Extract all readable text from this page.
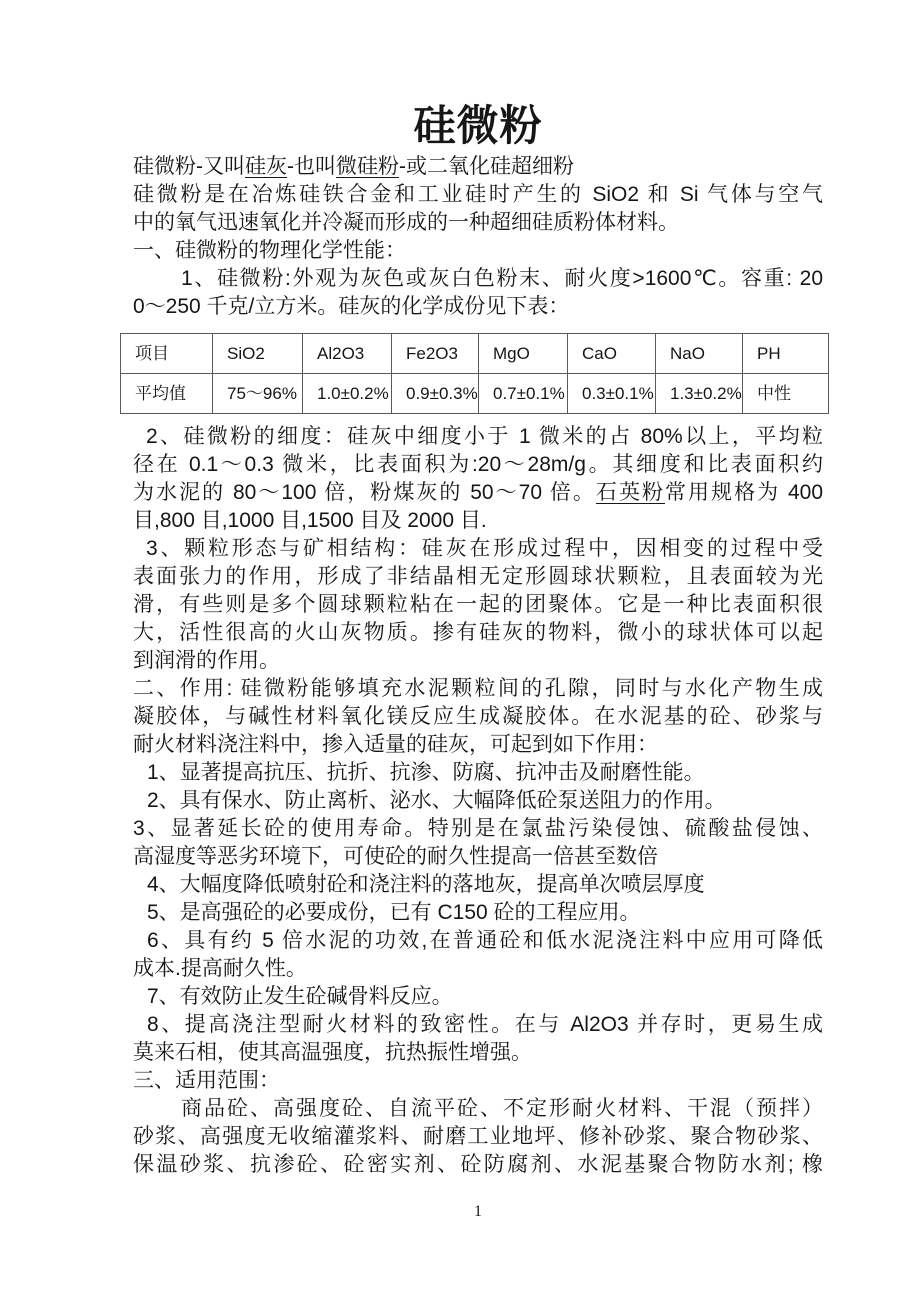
硅微粉
硅微粉-又叫硅灰-也叫微硅粉-或二氧化硅超细粉
硅微粉是在冶炼硅铁合金和工业硅时产生的 SiO2 和 Si 气体与空气
中的氧气迅速氧化并冷凝而形成的一种超细硅质粉体材料。
一、硅微粉的物理化学性能：
1、硅微粉:外观为灰色或灰白色粉末、耐火度>1600℃。容重: 20
0～250 千克/立方米。硅灰的化学成份见下表：
项目	SiO2	Al2O3	Fe2O3	MgO	CaO	NaO	PH
平均值	75～96%	1.0±0.2%	0.9±0.3%	0.7±0.1%	0.3±0.1%	1.3±0.2%	中性
2、硅微粉的细度：硅灰中细度小于 1 微米的占 80%以上，平均粒
径在 0.1～0.3 微米，比表面积为:20～28m/g。其细度和比表面积约
为水泥的 80～100 倍，粉煤灰的 50～70 倍。石英粉常用规格为 400
目,800 目,1000 目,1500 目及 2000 目.
3、颗粒形态与矿相结构：硅灰在形成过程中，因相变的过程中受
表面张力的作用，形成了非结晶相无定形圆球状颗粒，且表面较为光
滑，有些则是多个圆球颗粒粘在一起的团聚体。它是一种比表面积很
大，活性很高的火山灰物质。掺有硅灰的物料，微小的球状体可以起
到润滑的作用。
二、作用: 硅微粉能够填充水泥颗粒间的孔隙，同时与水化产物生成
凝胶体，与碱性材料氧化镁反应生成凝胶体。在水泥基的砼、砂浆与
耐火材料浇注料中，掺入适量的硅灰，可起到如下作用：
1、显著提高抗压、抗折、抗渗、防腐、抗冲击及耐磨性能。
2、具有保水、防止离析、泌水、大幅降低砼泵送阻力的作用。
3、显著延长砼的使用寿命。特别是在氯盐污染侵蚀、硫酸盐侵蚀、
高湿度等恶劣环境下，可使砼的耐久性提高一倍甚至数倍
4、大幅度降低喷射砼和浇注料的落地灰，提高单次喷层厚度
5、是高强砼的必要成份，已有 C150 砼的工程应用。
6、具有约 5 倍水泥的功效,在普通砼和低水泥浇注料中应用可降低
成本.提高耐久性。
7、有效防止发生砼碱骨料反应。
8、提高浇注型耐火材料的致密性。在与 Al2O3 并存时，更易生成
莫来石相，使其高温强度，抗热振性增强。
三、适用范围：
商品砼、高强度砼、自流平砼、不定形耐火材料、干混（预拌）
砂浆、高强度无收缩灌浆料、耐磨工业地坪、修补砂浆、聚合物砂浆、
保温砂浆、抗渗砼、砼密实剂、砼防腐剂、水泥基聚合物防水剂; 橡
1
